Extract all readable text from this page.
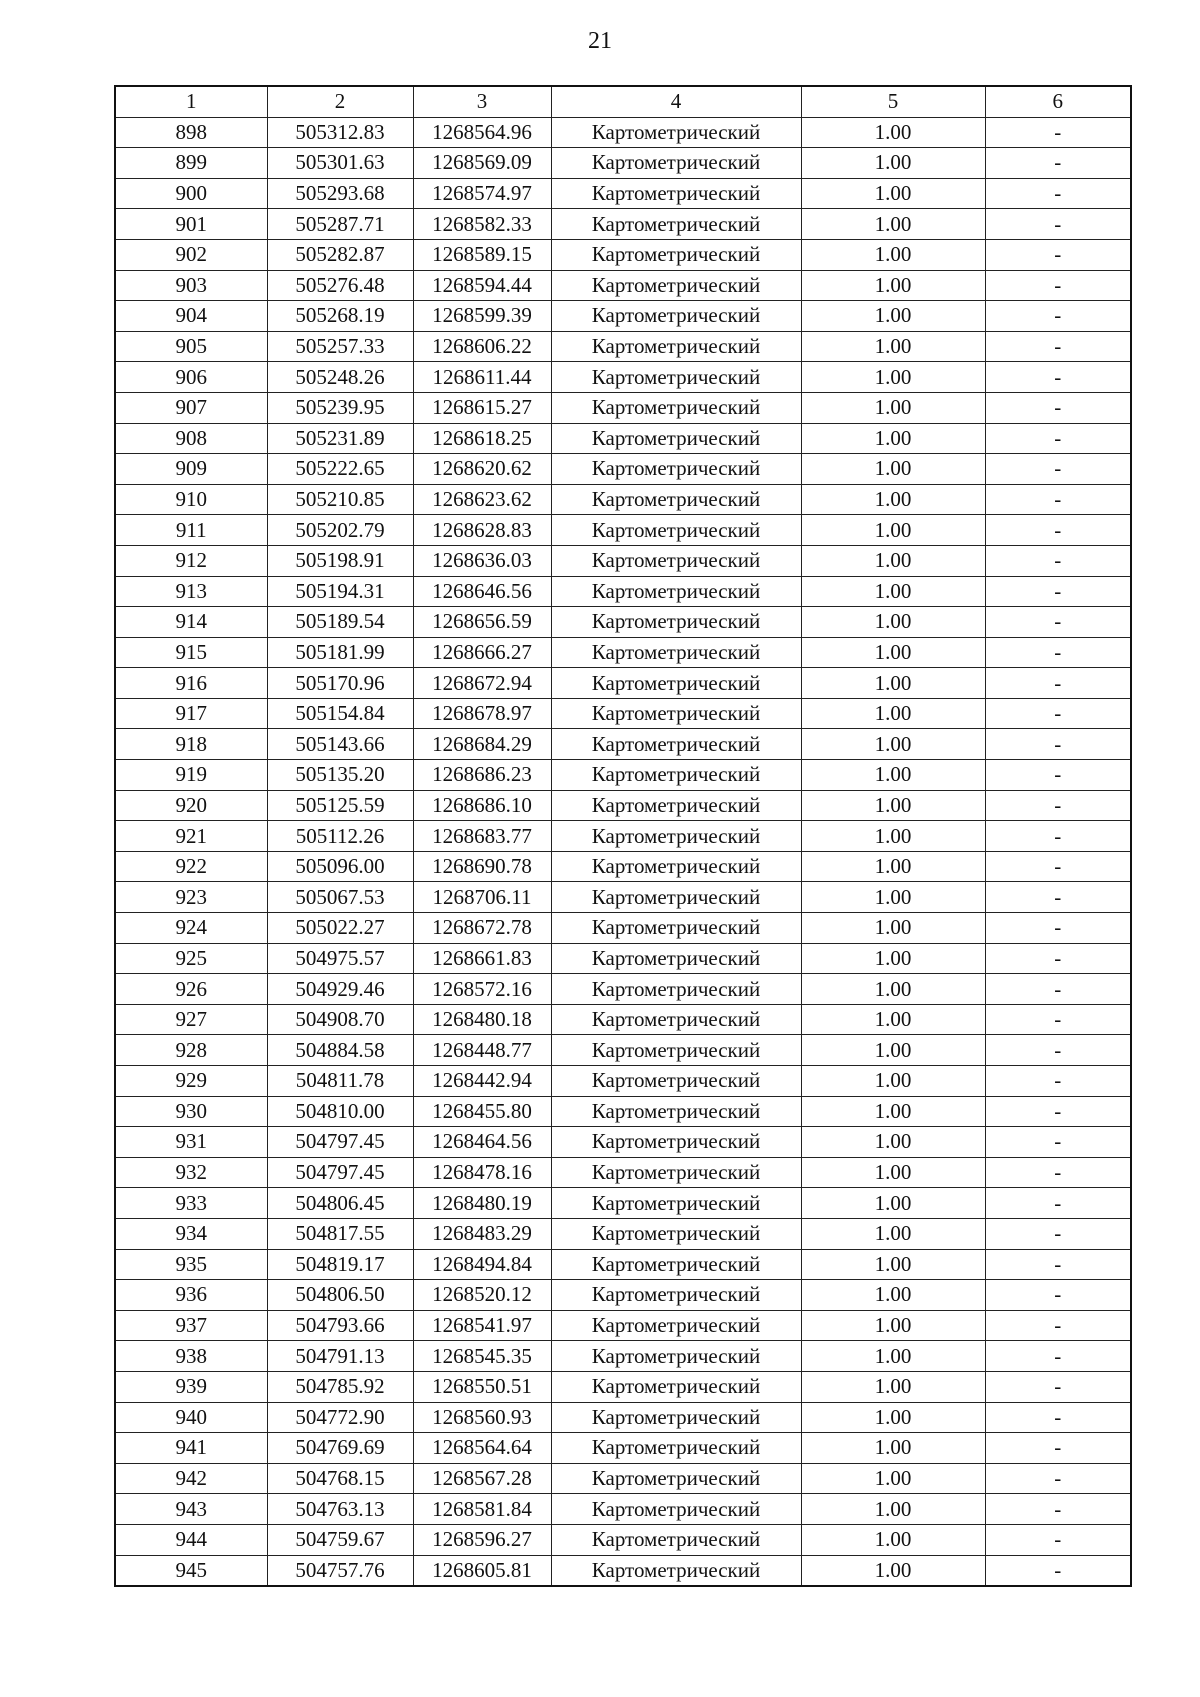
21
1	2	3	4	5	6
898	505312.83	1268564.96	Картометрический	1.00	-
899	505301.63	1268569.09	Картометрический	1.00	-
900	505293.68	1268574.97	Картометрический	1.00	-
901	505287.71	1268582.33	Картометрический	1.00	-
902	505282.87	1268589.15	Картометрический	1.00	-
903	505276.48	1268594.44	Картометрический	1.00	-
904	505268.19	1268599.39	Картометрический	1.00	-
905	505257.33	1268606.22	Картометрический	1.00	-
906	505248.26	1268611.44	Картометрический	1.00	-
907	505239.95	1268615.27	Картометрический	1.00	-
908	505231.89	1268618.25	Картометрический	1.00	-
909	505222.65	1268620.62	Картометрический	1.00	-
910	505210.85	1268623.62	Картометрический	1.00	-
911	505202.79	1268628.83	Картометрический	1.00	-
912	505198.91	1268636.03	Картометрический	1.00	-
913	505194.31	1268646.56	Картометрический	1.00	-
914	505189.54	1268656.59	Картометрический	1.00	-
915	505181.99	1268666.27	Картометрический	1.00	-
916	505170.96	1268672.94	Картометрический	1.00	-
917	505154.84	1268678.97	Картометрический	1.00	-
918	505143.66	1268684.29	Картометрический	1.00	-
919	505135.20	1268686.23	Картометрический	1.00	-
920	505125.59	1268686.10	Картометрический	1.00	-
921	505112.26	1268683.77	Картометрический	1.00	-
922	505096.00	1268690.78	Картометрический	1.00	-
923	505067.53	1268706.11	Картометрический	1.00	-
924	505022.27	1268672.78	Картометрический	1.00	-
925	504975.57	1268661.83	Картометрический	1.00	-
926	504929.46	1268572.16	Картометрический	1.00	-
927	504908.70	1268480.18	Картометрический	1.00	-
928	504884.58	1268448.77	Картометрический	1.00	-
929	504811.78	1268442.94	Картометрический	1.00	-
930	504810.00	1268455.80	Картометрический	1.00	-
931	504797.45	1268464.56	Картометрический	1.00	-
932	504797.45	1268478.16	Картометрический	1.00	-
933	504806.45	1268480.19	Картометрический	1.00	-
934	504817.55	1268483.29	Картометрический	1.00	-
935	504819.17	1268494.84	Картометрический	1.00	-
936	504806.50	1268520.12	Картометрический	1.00	-
937	504793.66	1268541.97	Картометрический	1.00	-
938	504791.13	1268545.35	Картометрический	1.00	-
939	504785.92	1268550.51	Картометрический	1.00	-
940	504772.90	1268560.93	Картометрический	1.00	-
941	504769.69	1268564.64	Картометрический	1.00	-
942	504768.15	1268567.28	Картометрический	1.00	-
943	504763.13	1268581.84	Картометрический	1.00	-
944	504759.67	1268596.27	Картометрический	1.00	-
945	504757.76	1268605.81	Картометрический	1.00	-
